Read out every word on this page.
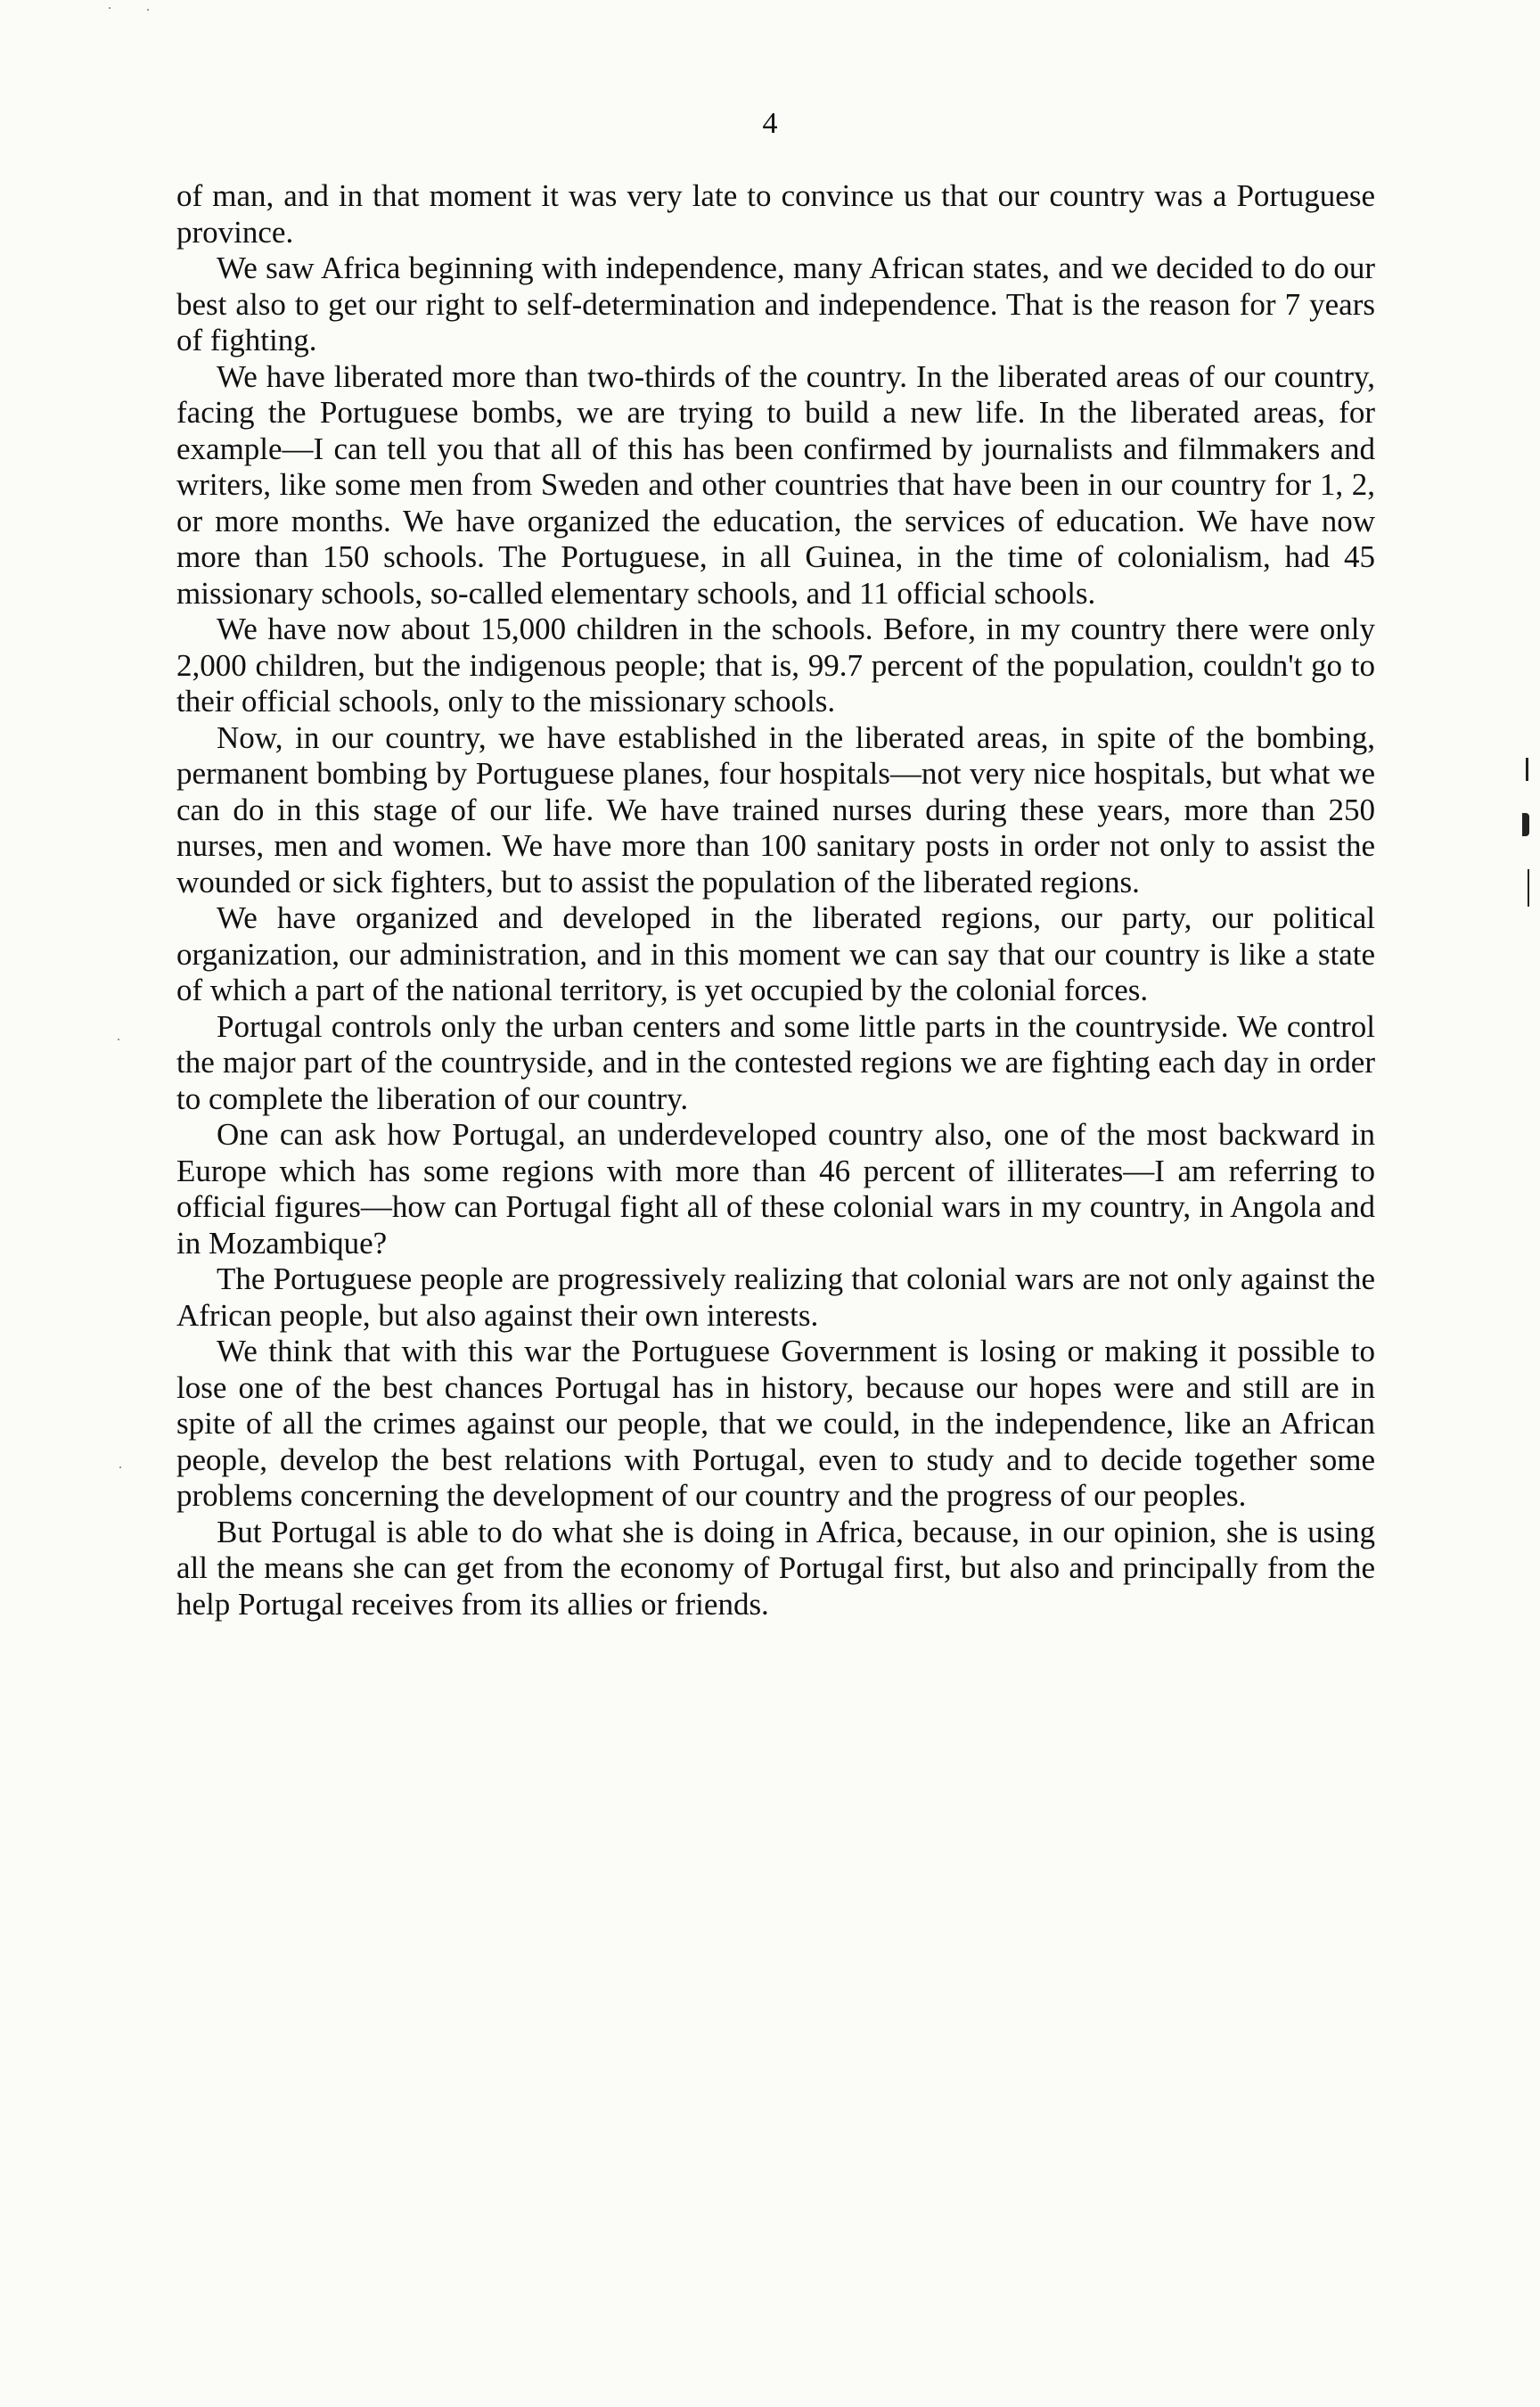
4

of man, and in that moment it was very late to convince us that our country was a Portuguese province.

We saw Africa beginning with independence, many African states, and we decided to do our best also to get our right to self-determination and independence. That is the reason for 7 years of fighting.

We have liberated more than two-thirds of the country. In the liberated areas of our country, facing the Portuguese bombs, we are trying to build a new life. In the liberated areas, for example—I can tell you that all of this has been confirmed by journalists and filmmakers and writers, like some men from Sweden and other countries that have been in our country for 1, 2, or more months. We have organized the education, the services of education. We have now more than 150 schools. The Portuguese, in all Guinea, in the time of colonialism, had 45 missionary schools, so-called elementary schools, and 11 official schools.

We have now about 15,000 children in the schools. Before, in my country there were only 2,000 children, but the indigenous people; that is, 99.7 percent of the population, couldn't go to their official schools, only to the missionary schools.

Now, in our country, we have established in the liberated areas, in spite of the bombing, permanent bombing by Portuguese planes, four hospitals—not very nice hospitals, but what we can do in this stage of our life. We have trained nurses during these years, more than 250 nurses, men and women. We have more than 100 sanitary posts in order not only to assist the wounded or sick fighters, but to assist the population of the liberated regions.

We have organized and developed in the liberated regions, our party, our political organization, our administration, and in this moment we can say that our country is like a state of which a part of the national territory, is yet occupied by the colonial forces.

Portugal controls only the urban centers and some little parts in the countryside. We control the major part of the countryside, and in the contested regions we are fighting each day in order to complete the liberation of our country.

One can ask how Portugal, an underdeveloped country also, one of the most backward in Europe which has some regions with more than 46 percent of illiterates—I am referring to official figures—how can Portugal fight all of these colonial wars in my country, in Angola and in Mozambique?

The Portuguese people are progressively realizing that colonial wars are not only against the African people, but also against their own interests.

We think that with this war the Portuguese Government is losing or making it possible to lose one of the best chances Portugal has in history, because our hopes were and still are in spite of all the crimes against our people, that we could, in the independence, like an African people, develop the best relations with Portugal, even to study and to decide together some problems concerning the development of our country and the progress of our peoples.

But Portugal is able to do what she is doing in Africa, because, in our opinion, she is using all the means she can get from the economy of Portugal first, but also and principally from the help Portugal receives from its allies or friends.
